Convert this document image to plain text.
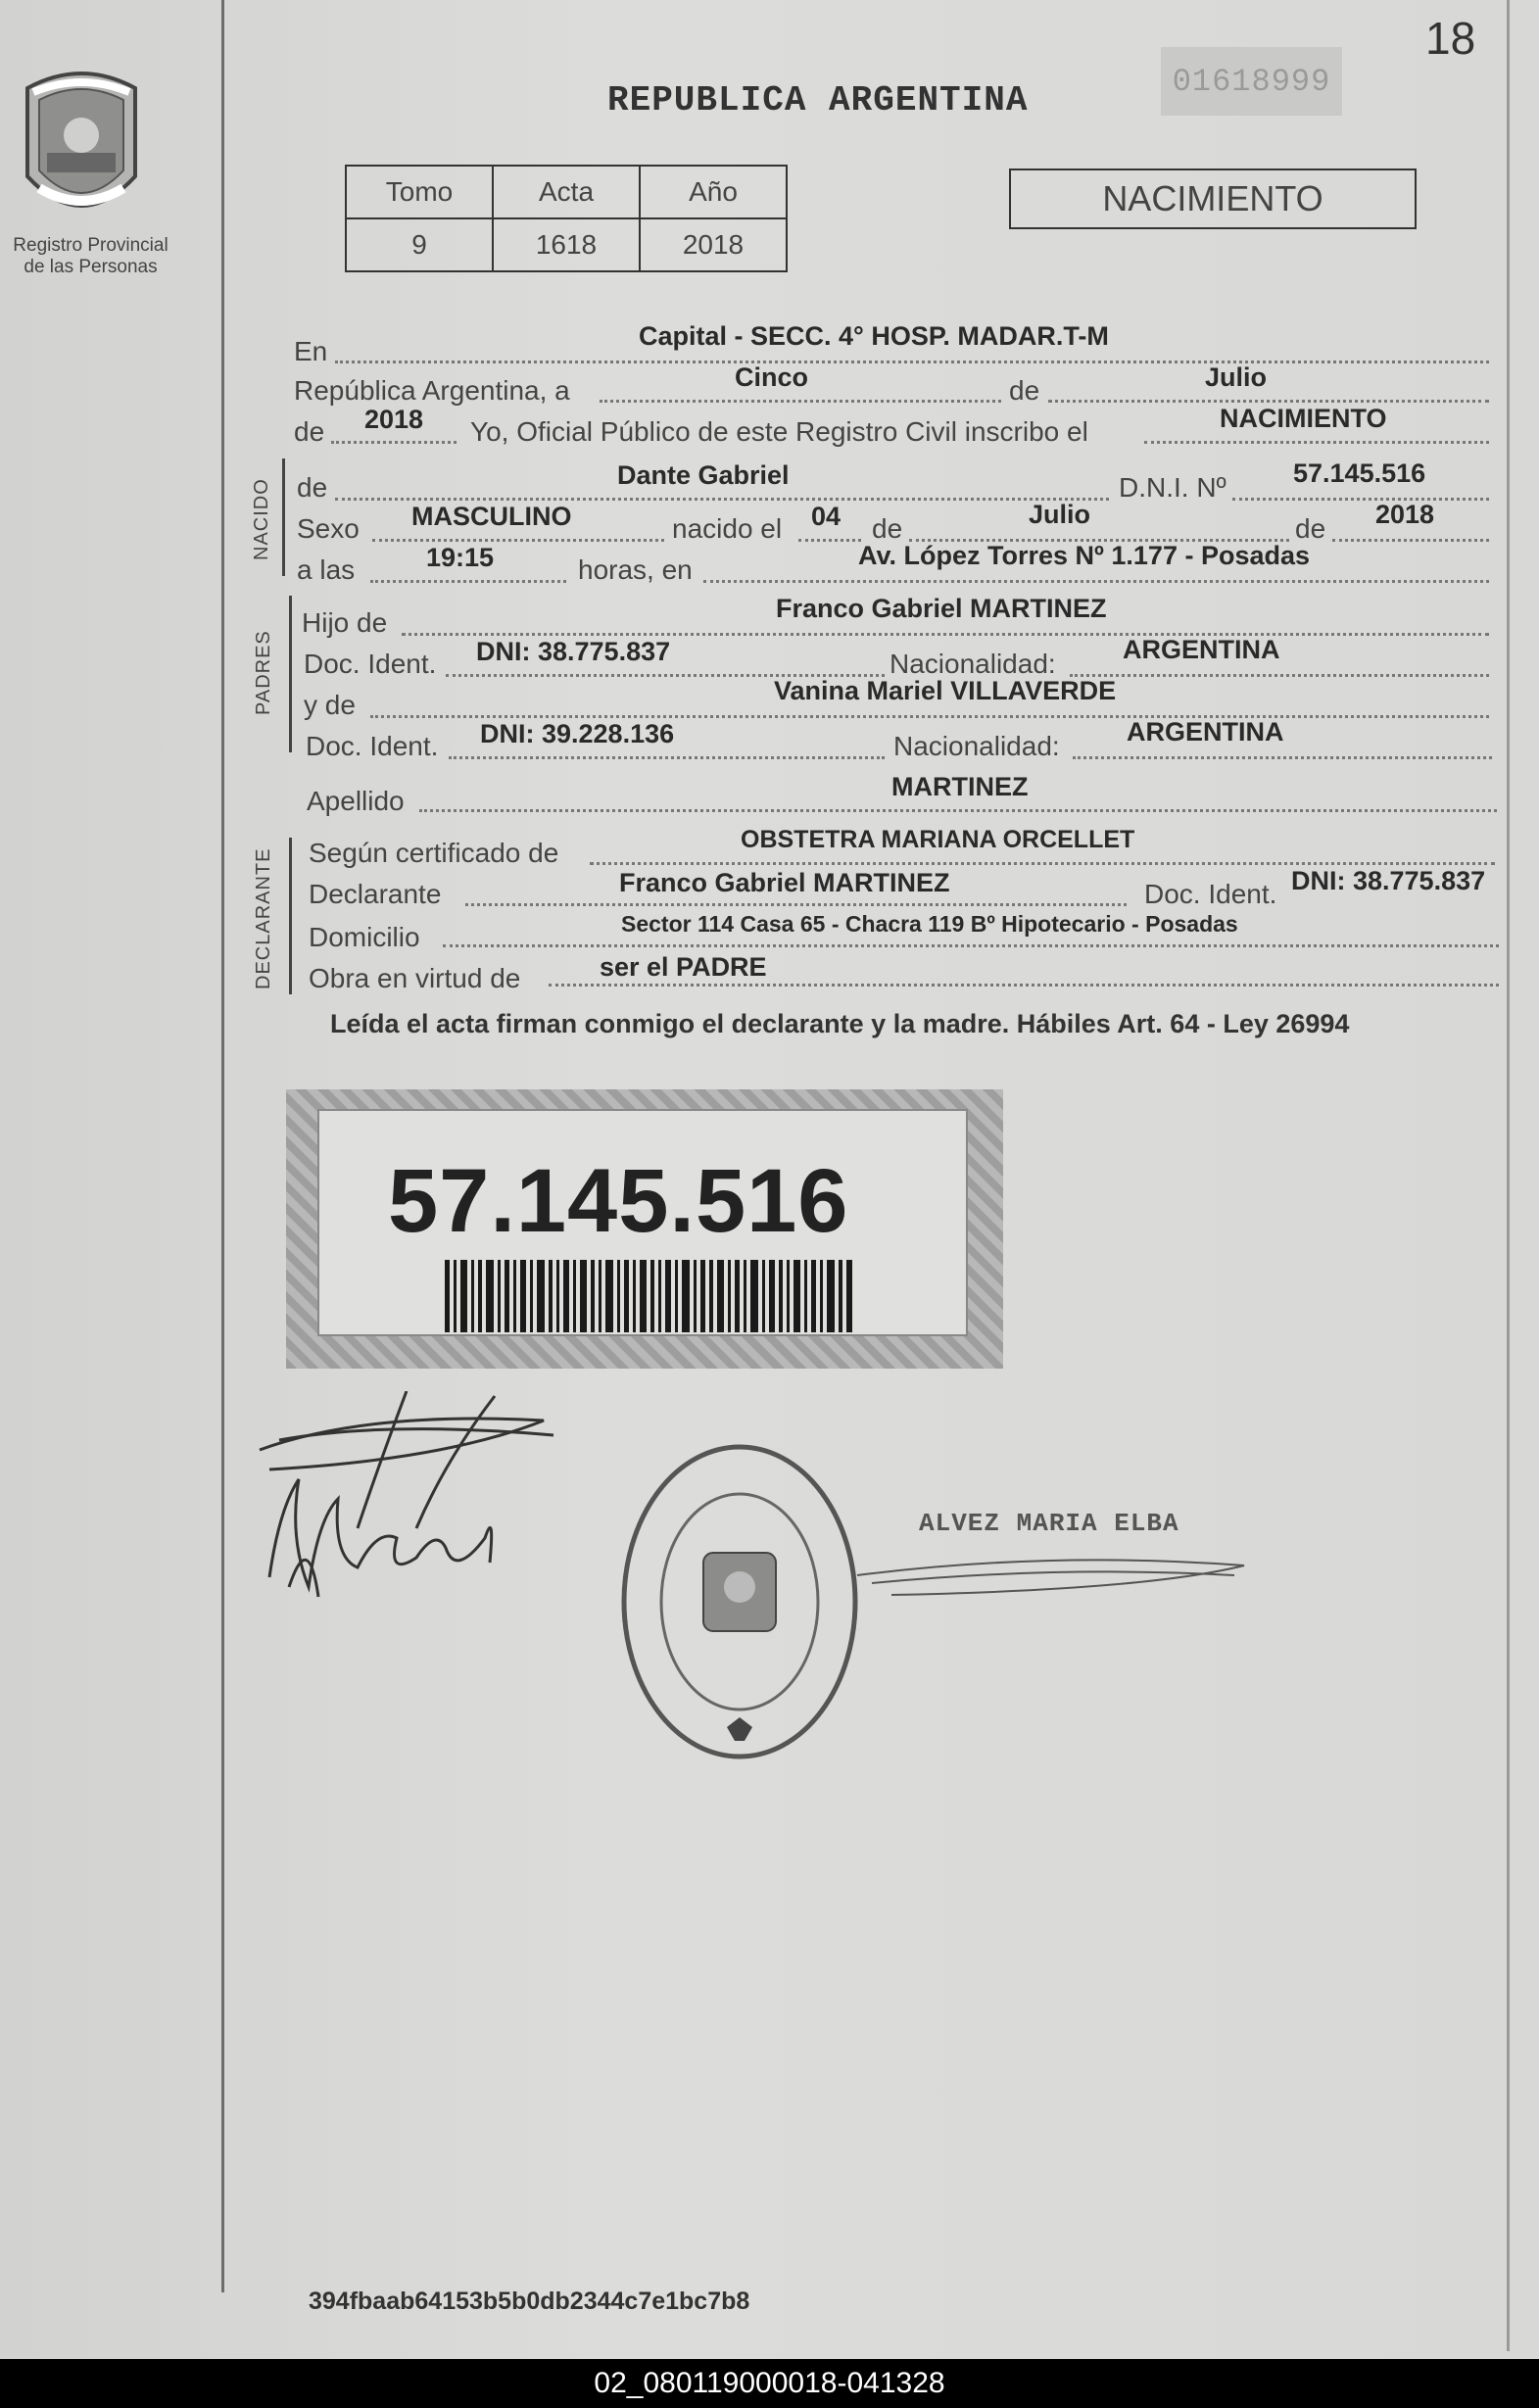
18
Registro Provincial
de las Personas
REPUBLICA ARGENTINA	01618999
Tomo	Acta	Año
9	1618	2018
NACIMIENTO
En	Capital - SECC. 4° HOSP. MADAR.T-M
República Argentina, a	Cinco	de	Julio
de 2018 Yo, Oficial Público de este Registro Civil inscribo el	NACIMIENTO
NACIDO de	Dante Gabriel	D.N.I. Nº	57.145.516
Sexo MASCULINO	nacido el 04 de	Julio	de 2018
a las	19:15	horas, en	Av. López Torres Nº 1.177 - Posadas
PADRES
Hijo de	Franco Gabriel MARTINEZ
Doc. Ident. DNI: 38.775.837	Nacionalidad:	ARGENTINA
y de	Vanina Mariel VILLAVERDE
Doc. Ident. DNI: 39.228.136	Nacionalidad:	ARGENTINA
Apellido	MARTINEZ
DECLARANTE Según certificado de	OBSTETRA MARIANA ORCELLET
Declarante	Franco Gabriel MARTINEZ	Doc. Ident. DNI: 38.775.837
Domicilio	Sector 114 Casa 65 - Chacra 119 Bº Hipotecario - Posadas
Obra en virtud de	ser el PADRE
Leída el acta firman conmigo el declarante y la madre. Hábiles Art. 64 - Ley 26994
57.145.516
ALVEZ MARIA ELBA
394fbaab64153b5b0db2344c7e1bc7b8
02_080119000018-041328
